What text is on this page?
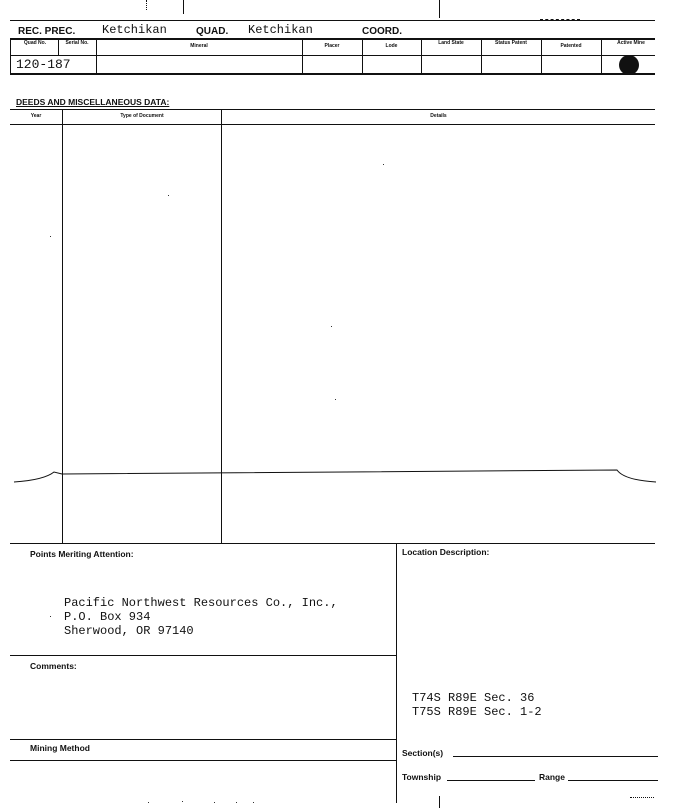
REC. PREC. Ketchikan	QUAD. Ketchikan	COORD.
Quad No.	Serial No.	Mineral	Placer	Lode	Land State	Status Patent	Patented	Active Mine
120-187
DEEDS AND MISCELLANEOUS DATA:
Year	Type of Document	Details
Points Meriting Attention:
Pacific Northwest Resources Co., Inc.,
P.O. Box 934
Sherwood, OR 97140
Comments:
Mining Method
Location Description:
T74S R89E Sec. 36
T75S R89E Sec. 1-2
Section(s)
Township	Range
